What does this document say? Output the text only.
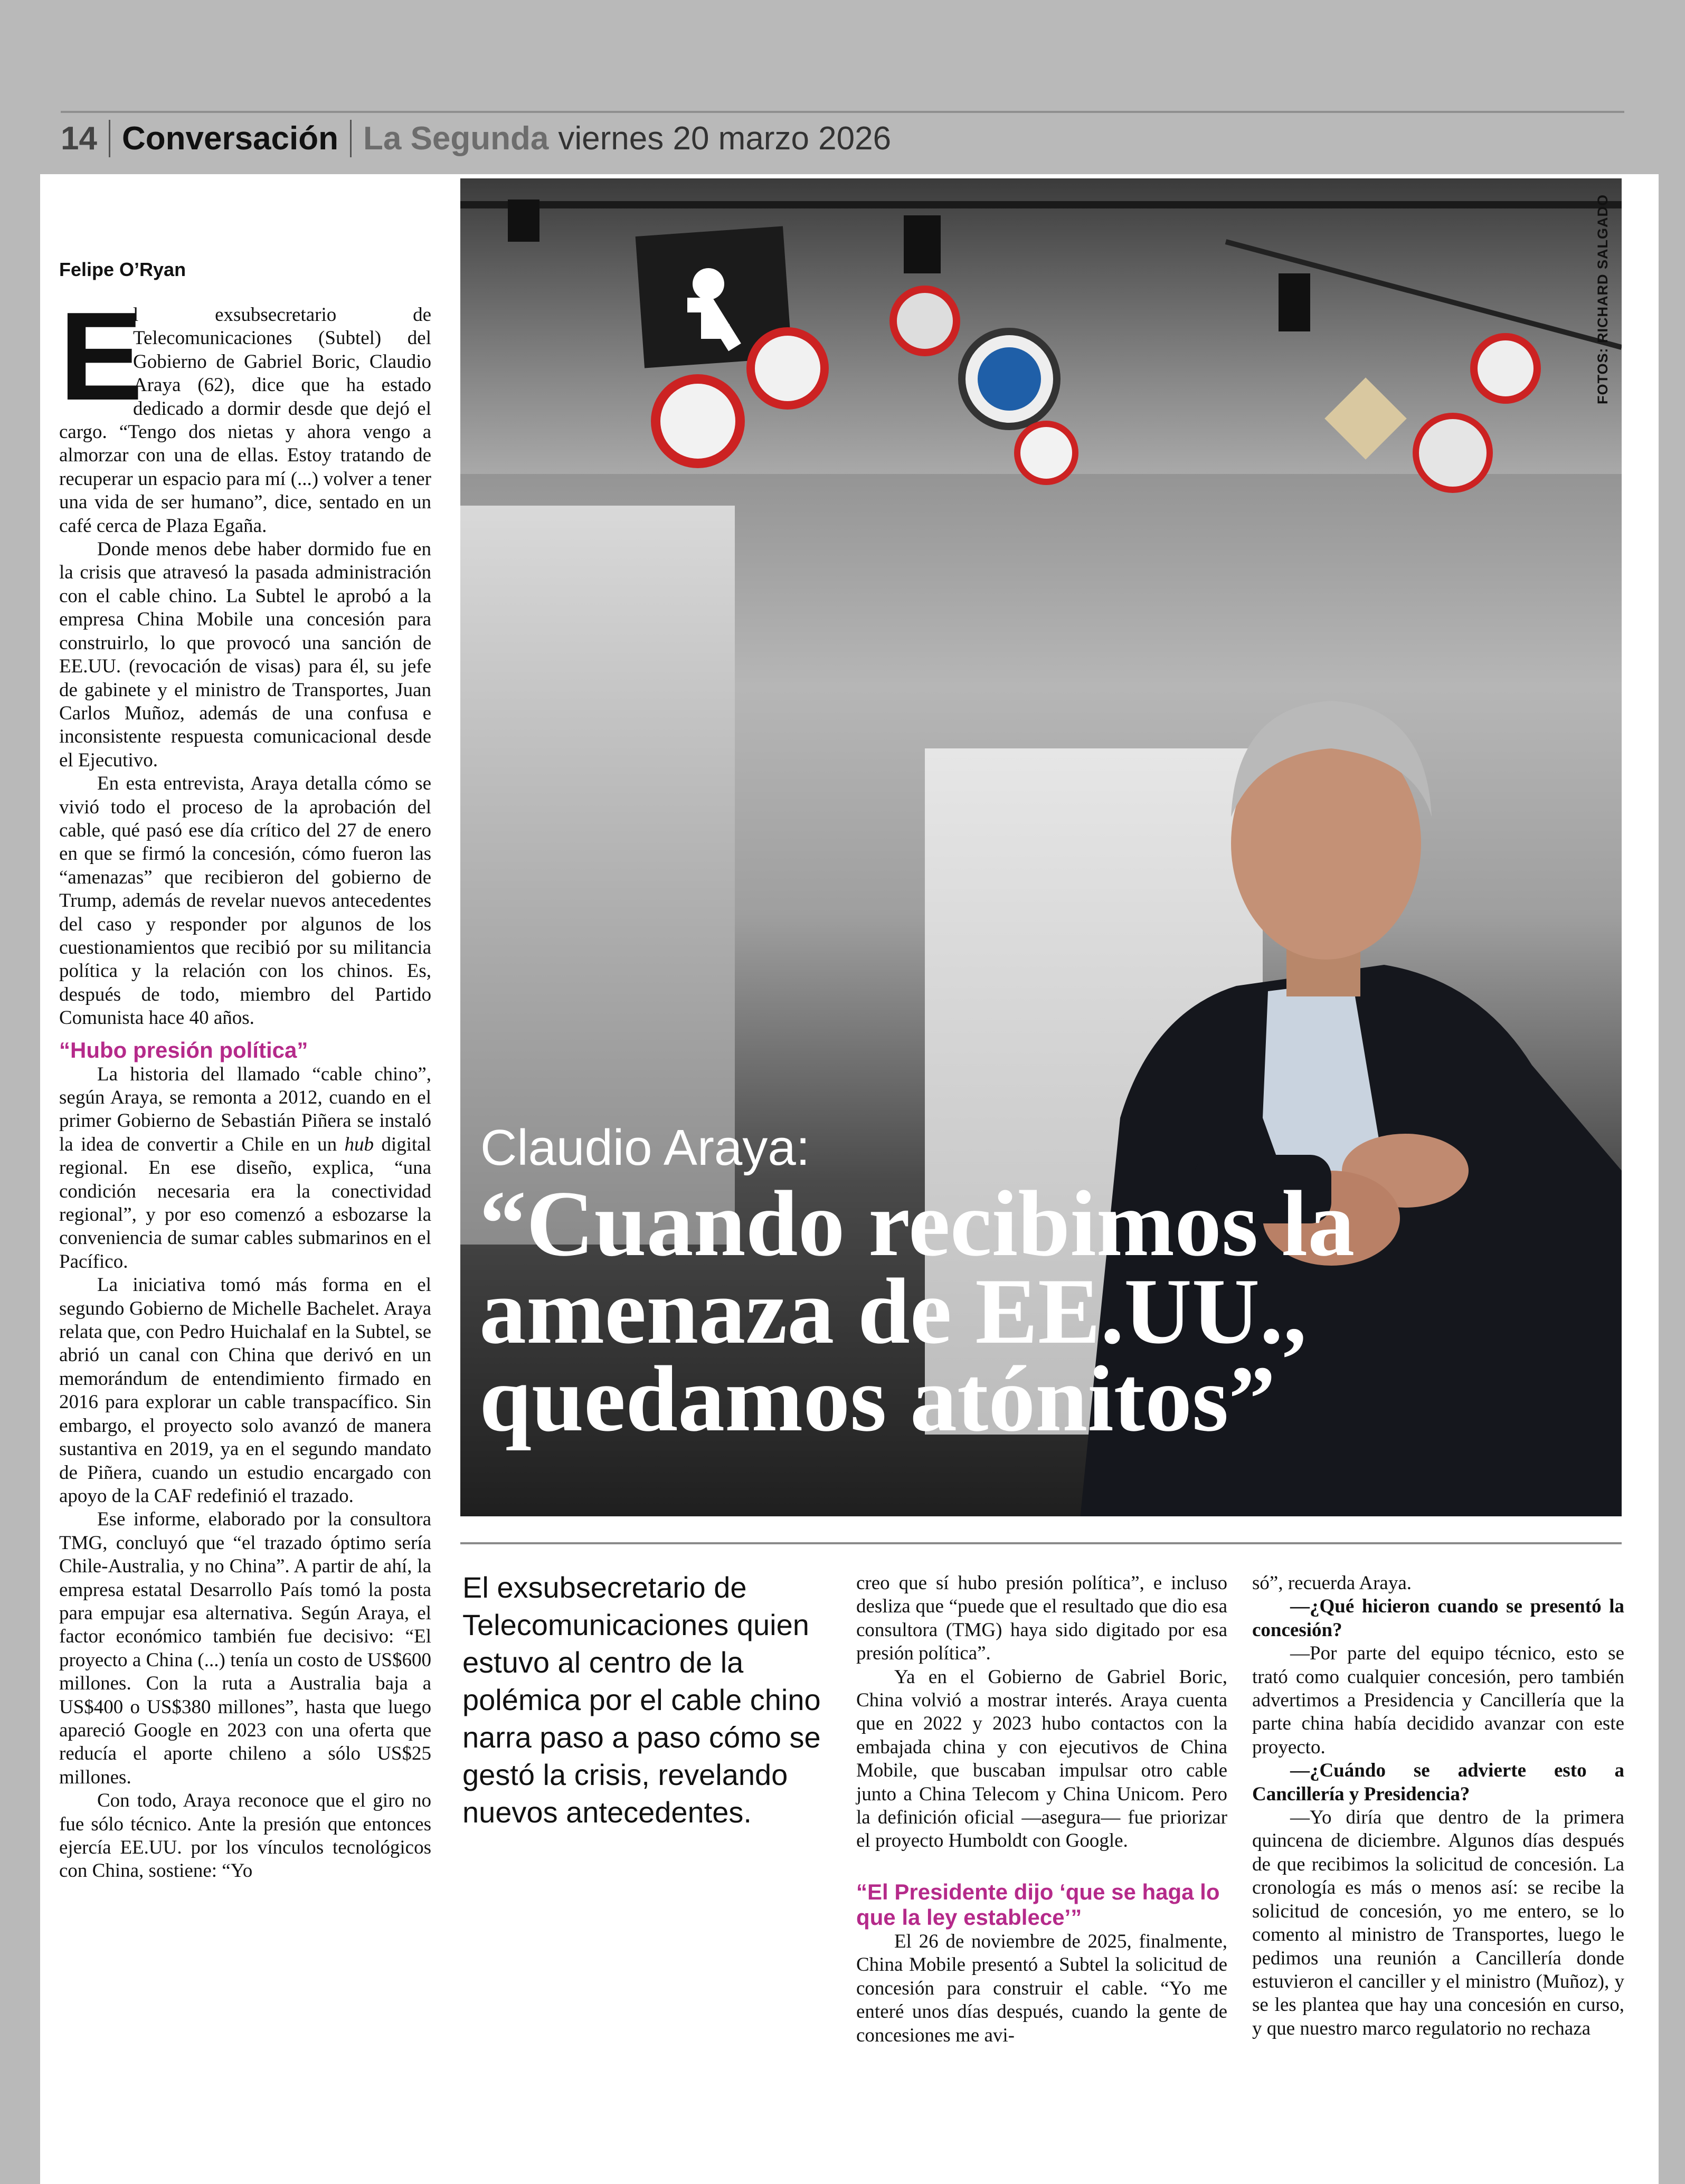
14 Conversación La Segunda viernes 20 marzo 2026
FOTOS: RICHARD SALGADO
Claudio Araya:
“Cuando recibimos la
amenaza de EE.UU.,
quedamos atónitos”
Felipe O’Ryan

E
l exsubsecretario de Telecomunicaciones (Subtel) del Gobierno de Gabriel Boric, Claudio Araya (62), dice que ha estado dedicado a dormir desde que dejó el cargo. “Tengo dos nietas y ahora vengo a almorzar con una de ellas. Estoy tratando de recuperar un espacio para mí (...) volver a tener una vida de ser humano”, dice, sentado en un café cerca de Plaza Egaña.

Donde menos debe haber dormido fue en la crisis que atravesó la pasada administración con el cable chino. La Subtel le aprobó a la empresa China Mobile una concesión para construirlo, lo que provocó una sanción de EE.UU. (revocación de visas) para él, su jefe de gabinete y el ministro de Transportes, Juan Carlos Muñoz, además de una confusa e inconsistente respuesta comunicacional desde el Ejecutivo.

En esta entrevista, Araya detalla cómo se vivió todo el proceso de la aprobación del cable, qué pasó ese día crítico del 27 de enero en que se firmó la concesión, cómo fueron las “amenazas” que recibieron del gobierno de Trump, además de revelar nuevos antecedentes del caso y responder por algunos de los cuestionamientos que recibió por su militancia política y la relación con los chinos. Es, después de todo, miembro del Partido Comunista hace 40 años.

“Hubo presión política”

La historia del llamado “cable chino”, según Araya, se remonta a 2012, cuando en el primer Gobierno de Sebastián Piñera se instaló la idea de convertir a Chile en un hub digital regional. En ese diseño, explica, “una condición necesaria era la conectividad regional”, y por eso comenzó a esbozarse la conveniencia de sumar cables submarinos en el Pacífico.

La iniciativa tomó más forma en el segundo Gobierno de Michelle Bachelet. Araya relata que, con Pedro Huichalaf en la Subtel, se abrió un canal con China que derivó en un memorándum de entendimiento firmado en 2016 para explorar un cable transpacífico. Sin embargo, el proyecto solo avanzó de manera sustantiva en 2019, ya en el segundo mandato de Piñera, cuando un estudio encargado con apoyo de la CAF redefinió el trazado.

Ese informe, elaborado por la consultora TMG, concluyó que “el trazado óptimo sería Chile-Australia, y no China”. A partir de ahí, la empresa estatal Desarrollo País tomó la posta para empujar esa alternativa. Según Araya, el factor económico también fue decisivo: “El proyecto a China (...) tenía un costo de US$600 millones. Con la ruta a Australia baja a US$400 o US$380 millones”, hasta que luego apareció Google en 2023 con una oferta que reducía el aporte chileno a sólo US$25 millones.

Con todo, Araya reconoce que el giro no fue sólo técnico. Ante la presión que entonces ejercía EE.UU. por los vínculos tecnológicos con China, sostiene: “Yo

El exsubsecretario de Telecomunicaciones quien estuvo al centro de la polémica por el cable chino narra paso a paso cómo se gestó la crisis, revelando nuevos antecedentes.

creo que sí hubo presión política”, e incluso desliza que “puede que el resultado que dio esa consultora (TMG) haya sido digitado por esa presión política”.

Ya en el Gobierno de Gabriel Boric, China volvió a mostrar interés. Araya cuenta que en 2022 y 2023 hubo contactos con la embajada china y con ejecutivos de China Mobile, que buscaban impulsar otro cable junto a China Telecom y China Unicom. Pero la definición oficial —asegura— fue priorizar el proyecto Humboldt con Google.

“El Presidente dijo ‘que se haga lo que la ley establece’”

El 26 de noviembre de 2025, finalmente, China Mobile presentó a Subtel la solicitud de concesión para construir el cable. “Yo me enteré unos días después, cuando la gente de concesiones me avi-

só”, recuerda Araya.

—¿Qué hicieron cuando se presentó la concesión?

—Por parte del equipo técnico, esto se trató como cualquier concesión, pero también advertimos a Presidencia y Cancillería que la parte china había decidido avanzar con este proyecto.

—¿Cuándo se advierte esto a Cancillería y Presidencia?

—Yo diría que dentro de la primera quincena de diciembre. Algunos días después de que recibimos la solicitud de concesión. La cronología es más o menos así: se recibe la solicitud de concesión, yo me entero, se lo comento al ministro de Transportes, luego le pedimos una reunión a Cancillería donde estuvieron el canciller y el ministro (Muñoz), y se les plantea que hay una concesión en curso, y que nuestro marco regulatorio no rechaza
